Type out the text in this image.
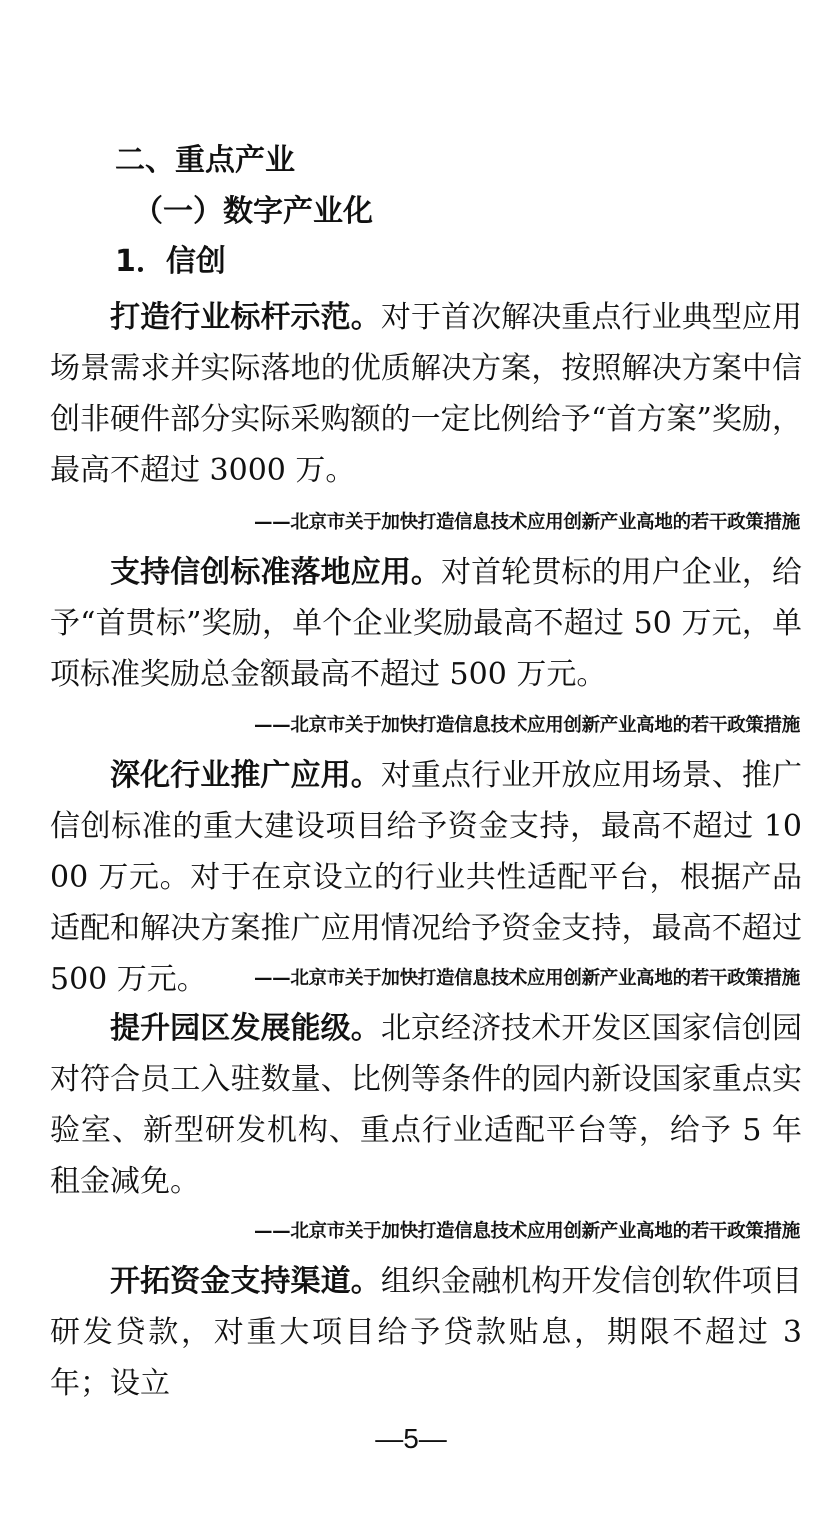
二、重点产业
（一）数字产业化
1．信创

打造行业标杆示范。对于首次解决重点行业典型应用场景需求并实际落地的优质解决方案，按照解决方案中信创非硬件部分实际采购额的一定比例给予“首方案”奖励，最高不超过 3000 万。

——北京市关于加快打造信息技术应用创新产业高地的若干政策措施

支持信创标准落地应用。对首轮贯标的用户企业，给予“首贯标”奖励，单个企业奖励最高不超过 50 万元，单项标准奖励总金额最高不超过 500 万元。

——北京市关于加快打造信息技术应用创新产业高地的若干政策措施

深化行业推广应用。对重点行业开放应用场景、推广信创标准的重大建设项目给予资金支持，最高不超过 1000 万元。对于在京设立的行业共性适配平台，根据产品适配和解决方案推广应用情况给予资金支持，最高不超过 500 万元。	——北京市关于加快打造信息技术应用创新产业高地的若干政策措施

提升园区发展能级。北京经济技术开发区国家信创园对符合员工入驻数量、比例等条件的园内新设国家重点实验室、新型研发机构、重点行业适配平台等，给予 5 年租金减免。

——北京市关于加快打造信息技术应用创新产业高地的若干政策措施

开拓资金支持渠道。组织金融机构开发信创软件项目研发贷款，对重大项目给予贷款贴息，期限不超过 3 年；设立

—5—
